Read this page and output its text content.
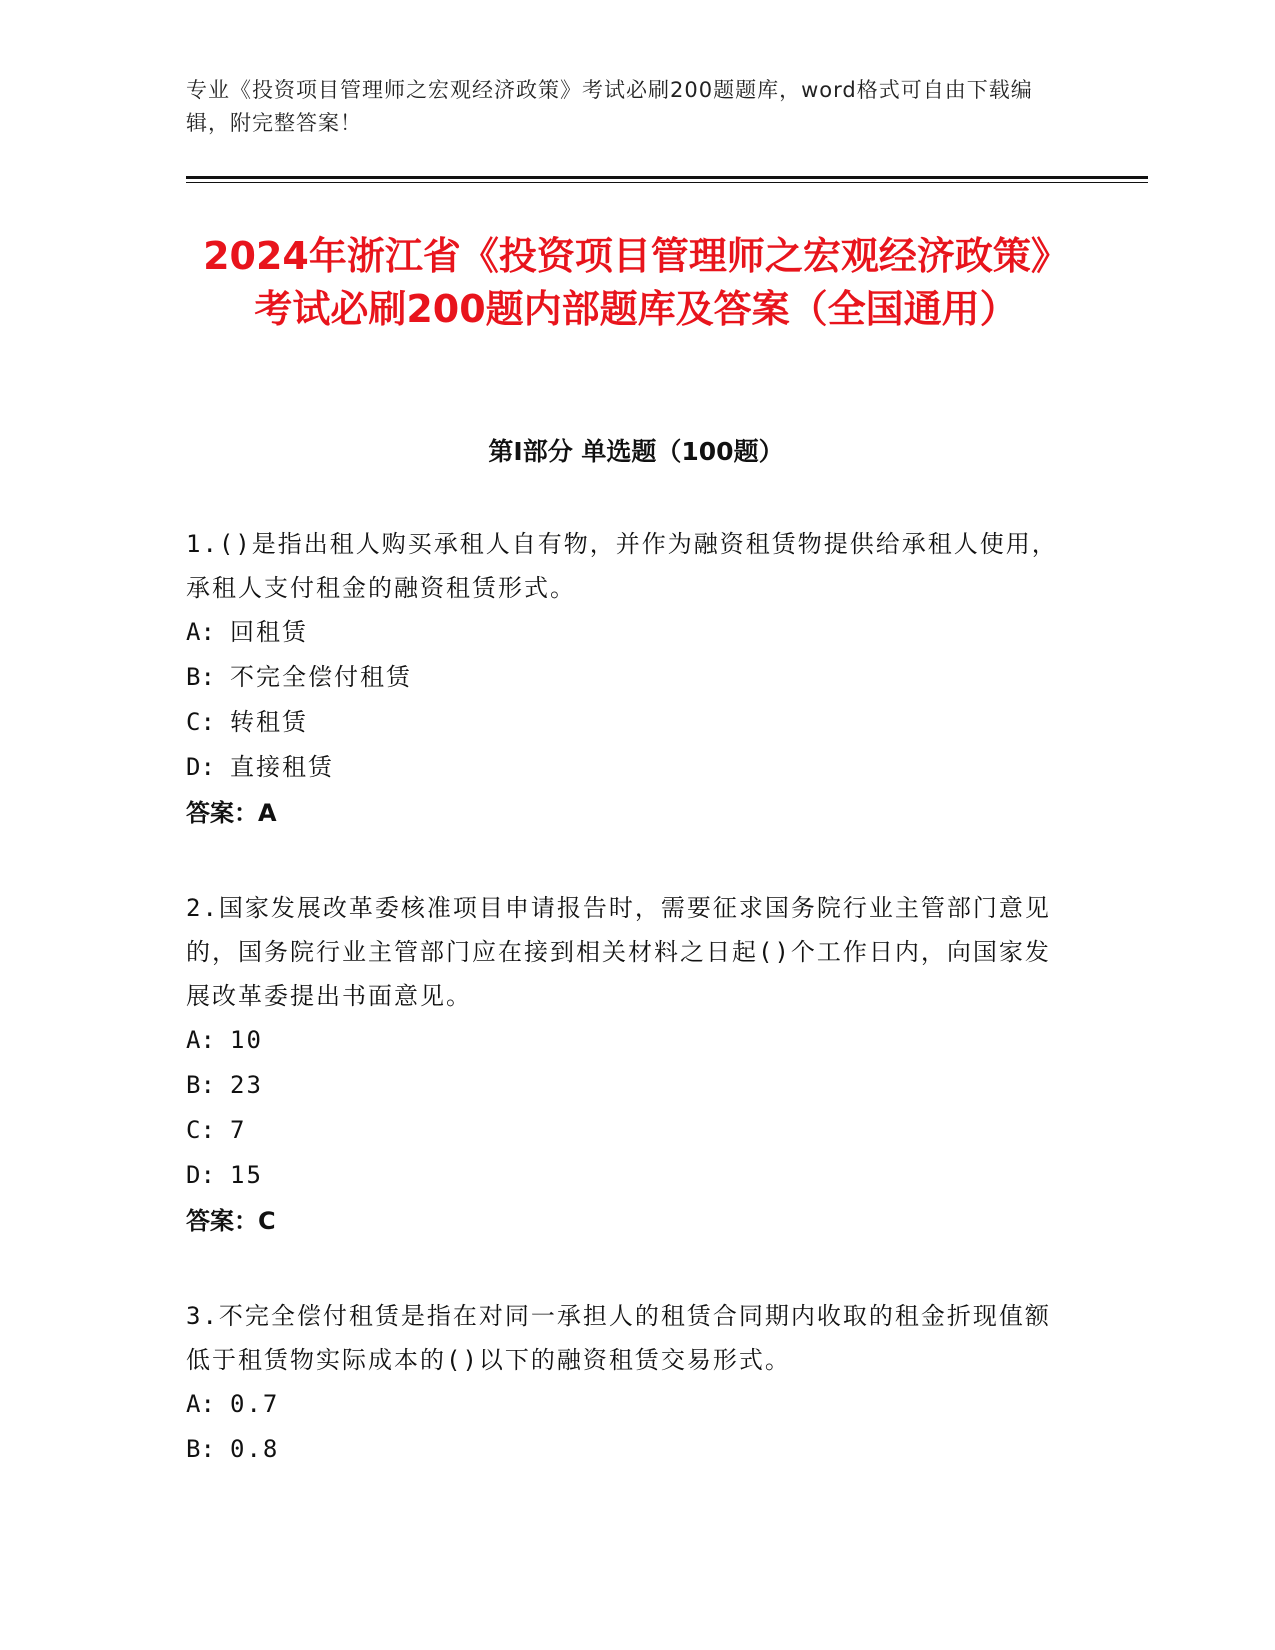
专业《投资项目管理师之宏观经济政策》考试必刷200题题库，word格式可自由下载编辑，附完整答案！
2024年浙江省《投资项目管理师之宏观经济政策》考试必刷200题内部题库及答案（全国通用）
第Ⅰ部分 单选题（100题）

1.()是指出租人购买承租人自有物，并作为融资租赁物提供给承租人使用，承租人支付租金的融资租赁形式。

A: 回租赁
B: 不完全偿付租赁
C: 转租赁
D: 直接租赁
答案：A

2.国家发展改革委核准项目申请报告时，需要征求国务院行业主管部门意见的，国务院行业主管部门应在接到相关材料之日起()个工作日内，向国家发展改革委提出书面意见。

A: 10
B: 23
C: 7
D: 15
答案：C

3.不完全偿付租赁是指在对同一承担人的租赁合同期内收取的租金折现值额低于租赁物实际成本的()以下的融资租赁交易形式。

A: 0.7
B: 0.8
